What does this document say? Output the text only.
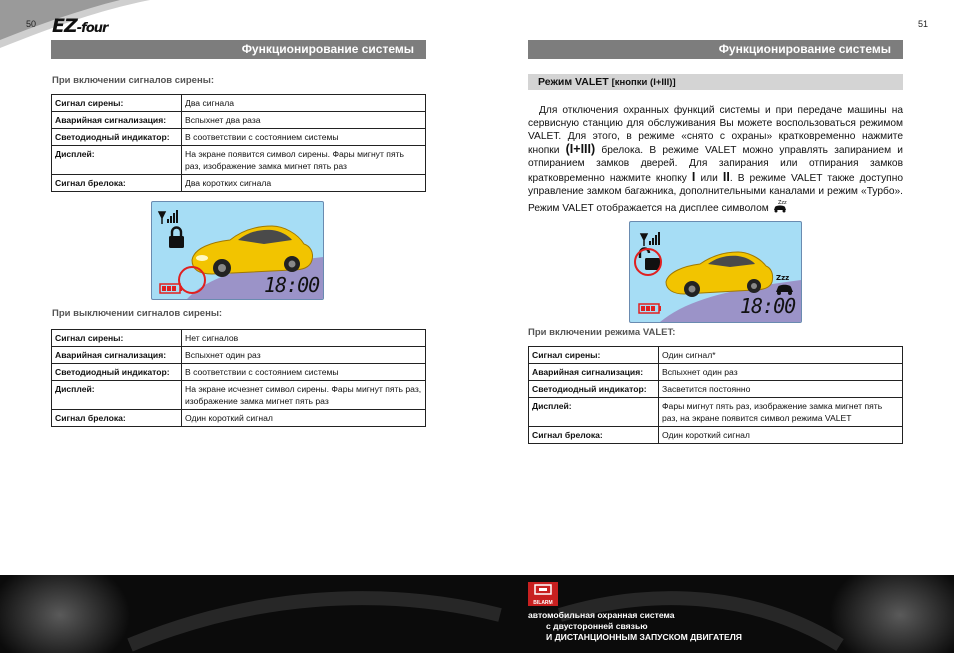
50 EZ-four
Функционирование системы
При включении сигналов сирены:
Сигнал сирены:	Два сигнала
Аварийная сигнализация:	Вспыхнет два раза
Светодиодный индикатор:	В соответствии с состоянием системы
Дисплей:	На экране появится символ сирены. Фары мигнут пять раз, изображение замка мигнет пять раз
Сигнал брелока:	Два коротких сигнала
18:00
При выключении сигналов сирены:
Сигнал сирены:	Нет сигналов
Аварийная сигнализация:	Вспыхнет один раз
Светодиодный индикатор:	В соответствии с состоянием системы
Дисплей:	На экране исчезнет символ сирены. Фары мигнут пять раз, изображение замка мигнет пять раз
Сигнал брелока:	Один короткий сигнал
51
Функционирование системы
Режим VALET [кнопки (I+III)]

Для отключения охранных функций системы и при передаче машины на сервисную станцию для обслуживания Вы можете воспользоваться режимом VALET. Для этого, в режиме «снято с охраны» кратковременно нажмите кнопки (I+III) брелока. В режиме VALET можно управлять запиранием и отпиранием замков дверей. Для запирания или отпирания замков кратковременно нажмите кнопку I или II. В режиме VALET также доступно управление замком багажника, дополнительными каналами и режим «Турбо». Режим VALET отображается на дисплее символом Zzz

Zzz
18:00
При включении режима VALET:
Сигнал сирены:	Один сигнал*
Аварийная сигнализация:	Вспыхнет один раз
Светодиодный индикатор:	Засветится постоянно
Дисплей:	Фары мигнут пять раз, изображение замка мигнет пять раз, на экране появится символ режима VALET
Сигнал брелока:	Один короткий сигнал
BILARM
автомобильная охранная система
с двусторонней связью
И ДИСТАНЦИОННЫМ ЗАПУСКОМ ДВИГАТЕЛЯ
